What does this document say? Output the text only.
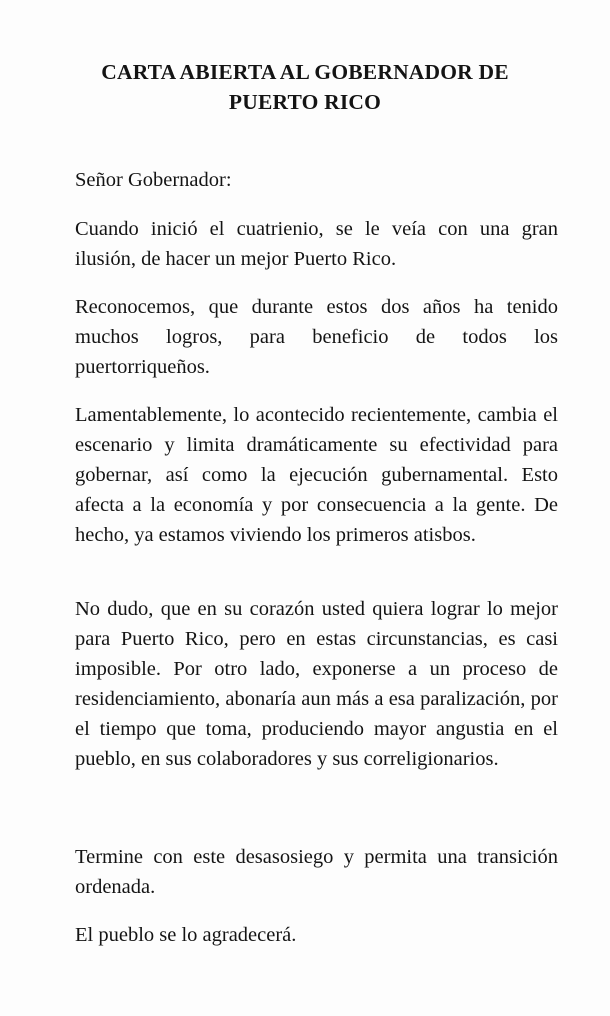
CARTA ABIERTA AL GOBERNADOR DE PUERTO RICO
Señor Gobernador:
Cuando inició el cuatrienio, se le veía con una gran ilusión, de hacer un mejor Puerto Rico.
Reconocemos, que durante estos dos años ha tenido muchos logros, para beneficio de todos los puertorriqueños.
Lamentablemente, lo acontecido recientemente, cambia el escenario y limita dramáticamente su efectividad para gobernar, así como la ejecución gubernamental. Esto afecta a la economía y por consecuencia a la gente. De hecho, ya estamos viviendo los primeros atisbos.
No dudo, que en su corazón usted quiera lograr lo mejor para Puerto Rico, pero en estas circunstancias, es casi imposible. Por otro lado, exponerse a un proceso de residenciamiento, abonaría aun más a esa paralización, por el tiempo que toma, produciendo mayor angustia en el pueblo, en sus colaboradores y sus correligionarios.
Termine con este desasosiego y permita una transición ordenada.
El pueblo se lo agradecerá.
